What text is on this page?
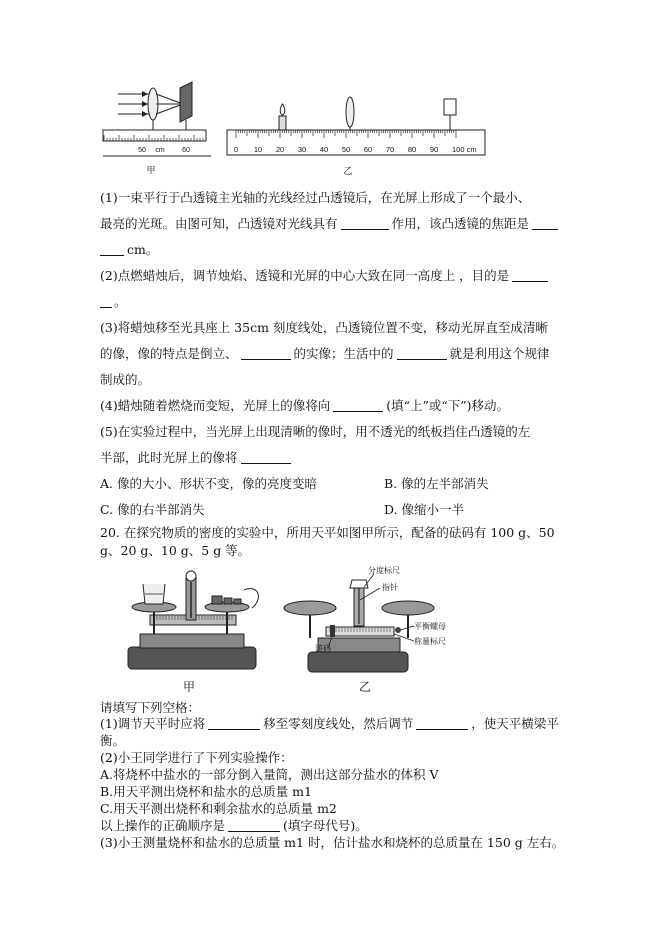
50 cm 60
甲
0 10 20 30 40 50 60 70 80 90 100 cm
乙
(1)一束平行于凸透镜主光轴的光线经过凸透镜后，在光屏上形成了一个最小、
最亮的光斑。由图可知，凸透镜对光线具有	作用，该凸透镜的焦距是
cm。
(2)点燃蜡烛后，调节烛焰、透镜和光屏的中心大致在同一高度上 ，目的是
。
(3)将蜡烛移至光具座上 35cm 刻度线处，凸透镜位置不变，移动光屏直至成清晰
的像，像的特点是倒立、	的实像；生活中的	就是利用这个规律
制成的。
(4)蜡烛随着燃烧而变短，光屏上的像将向	(填“上”或“下”)移动。
(5)在实验过程中，当光屏上出现清晰的像时，用不透光的纸板挡住凸透镜的左
半部，此时光屏上的像将
A. 像的大小、形状不变，像的亮度变暗	B. 像的左半部消失
C. 像的右半部消失	D. 像缩小一半
20. 在探究物质的密度的实验中，所用天平如图甲所示，配备的砝码有 100 g、50
g、20 g、10 g、5 g 等。
甲
分度标尺
指针
平衡螺母
称量标尺
游码
乙
请填写下列空格：
(1)调节天平时应将	移至零刻度线处，然后调节	，使天平横梁平
衡。
(2)小王同学进行了下列实验操作：
A.将烧杯中盐水的一部分倒入量筒，测出这部分盐水的体积 V
B.用天平测出烧杯和盐水的总质量 m1
C.用天平测出烧杯和剩余盐水的总质量 m2
以上操作的正确顺序是	(填字母代号)。
(3)小王测量烧杯和盐水的总质量 m1 时，估计盐水和烧杯的总质量在 150 g 左右。
